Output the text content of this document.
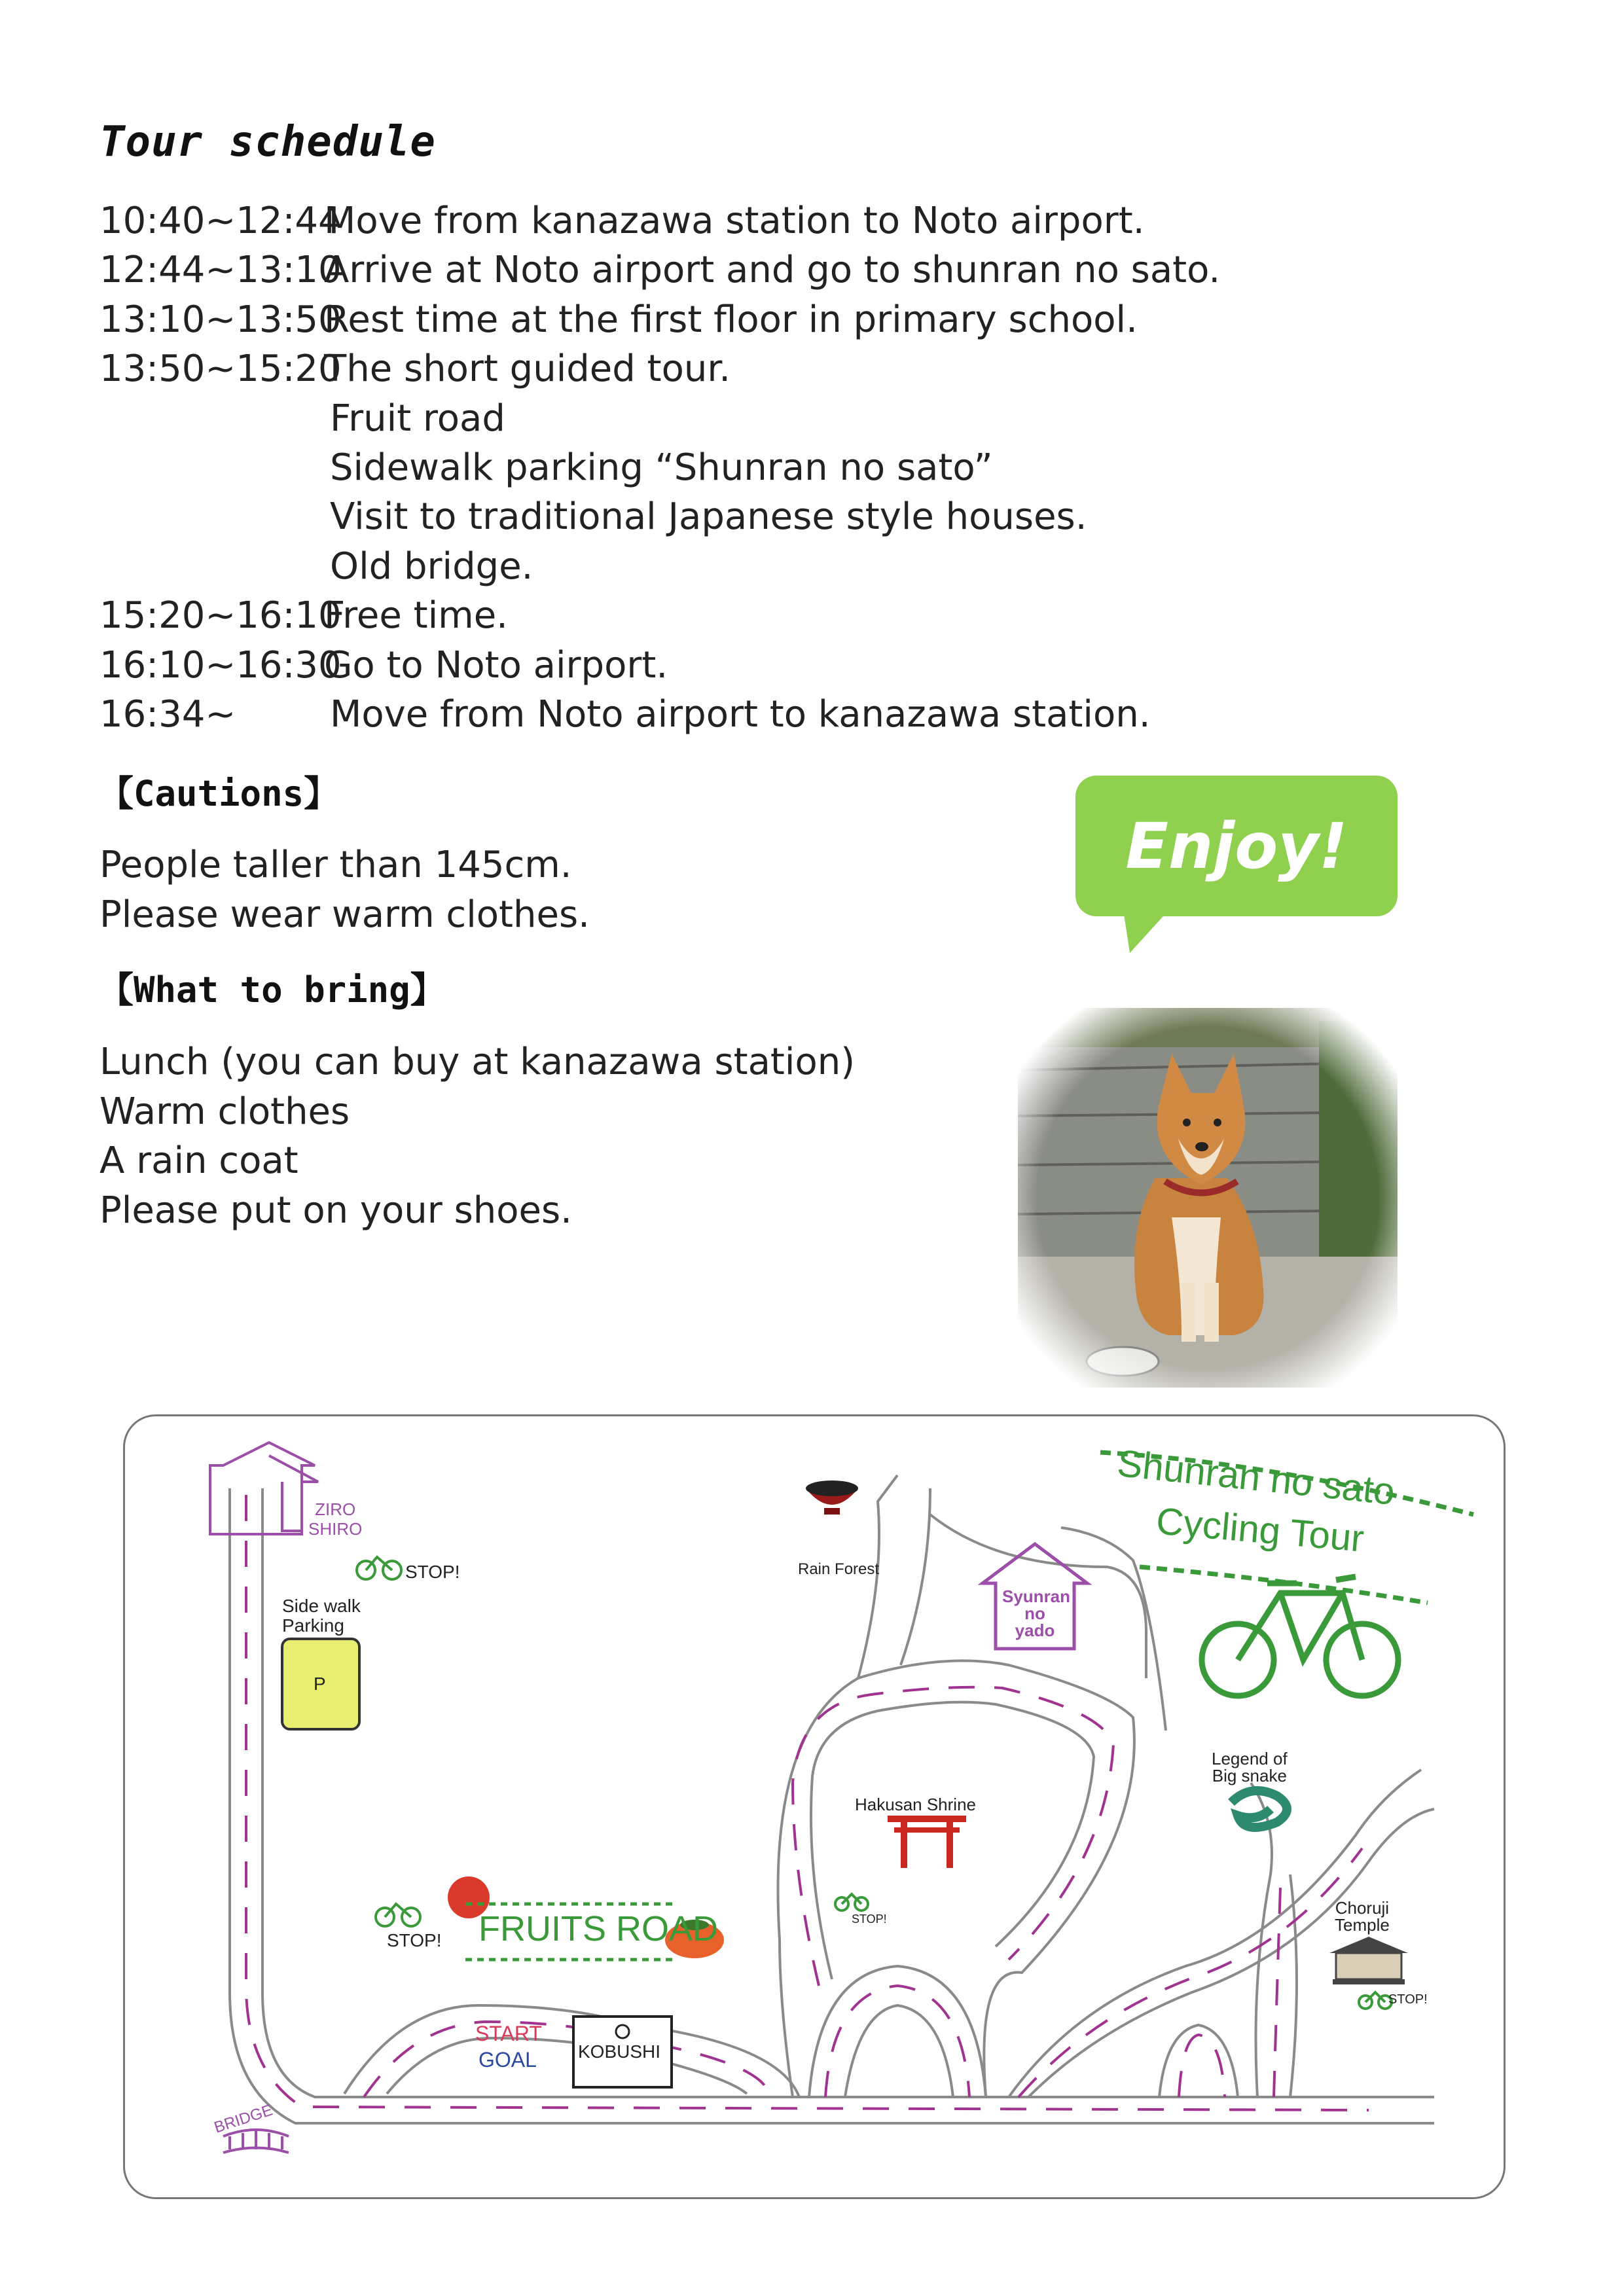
Tour schedule
10:40~12:44
Move from kanazawa station to Noto airport.
12:44~13:10
Arrive at Noto airport and go to shunran no sato.
13:10~13:50
Rest time at the first floor in primary school.
13:50~15:20
The short guided tour.
Fruit road
Sidewalk parking “Shunran no sato”
Visit to traditional Japanese style houses.
Old bridge.
15:20~16:10
Free time.
16:10~16:30
Go to Noto airport.
16:34~	Move from Noto airport to kanazawa station.
【Cautions】
People taller than 145cm.
Please wear warm clothes.
【What to bring】
Lunch (you can buy at kanazawa station)
Warm clothes
A rain coat
Please put on your shoes.
Enjoy!
Shunran no sato
Cycling Tour
ZIRO
SHIRO
STOP!
Side walk
Parking
P
Rain Forest
Syunran
no
yado
Hakusan Shrine
STOP!
Legend of
Big snake
Choruji
Temple
STOP!
STOP! FRUITS ROAD
START
GOAL KOBUSHI
BRIDGE
